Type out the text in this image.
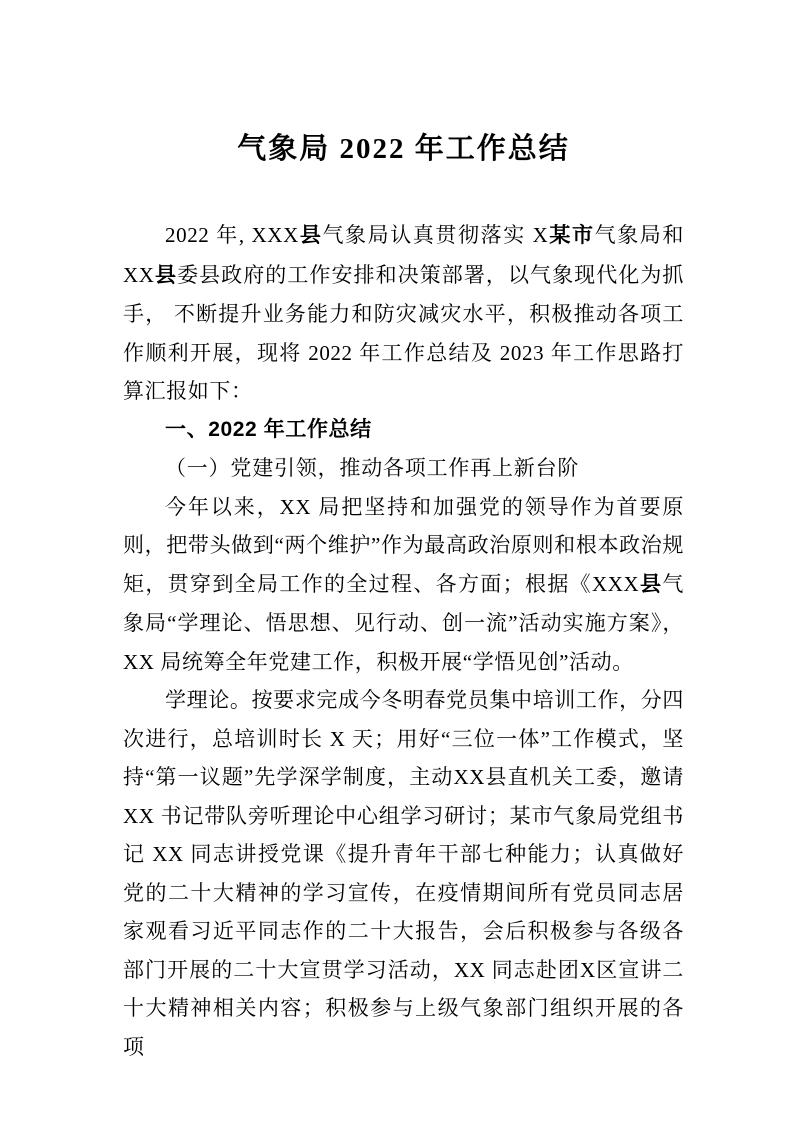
气象局 2022 年工作总结

2022 年, XXX县气象局认真贯彻落实 X某市气象局和 XX县委县政府的工作安排和决策部署，以气象现代化为抓手， 不断提升业务能力和防灾减灾水平，积极推动各项工作顺利开展，现将 2022 年工作总结及 2023 年工作思路打算汇报如下：

一、2022 年工作总结
（一）党建引领，推动各项工作再上新台阶

今年以来，XX 局把坚持和加强党的领导作为首要原则，把带头做到“两个维护”作为最高政治原则和根本政治规矩，贯穿到全局工作的全过程、各方面；根据《XXX县气象局“学理论、悟思想、见行动、创一流”活动实施方案》，XX 局统筹全年党建工作，积极开展“学悟见创”活动。

学理论。按要求完成今冬明春党员集中培训工作，分四次进行，总培训时长 X 天；用好“三位一体”工作模式，坚持“第一议题”先学深学制度，主动XX县直机关工委，邀请 XX 书记带队旁听理论中心组学习研讨；某市气象局党组书记 XX 同志讲授党课《提升青年干部七种能力；认真做好党的二十大精神的学习宣传，在疫情期间所有党员同志居家观看习近平同志作的二十大报告，会后积极参与各级各部门开展的二十大宣贯学习活动，XX 同志赴团X区宣讲二十大精神相关内容；积极参与上级气象部门组织开展的各项
